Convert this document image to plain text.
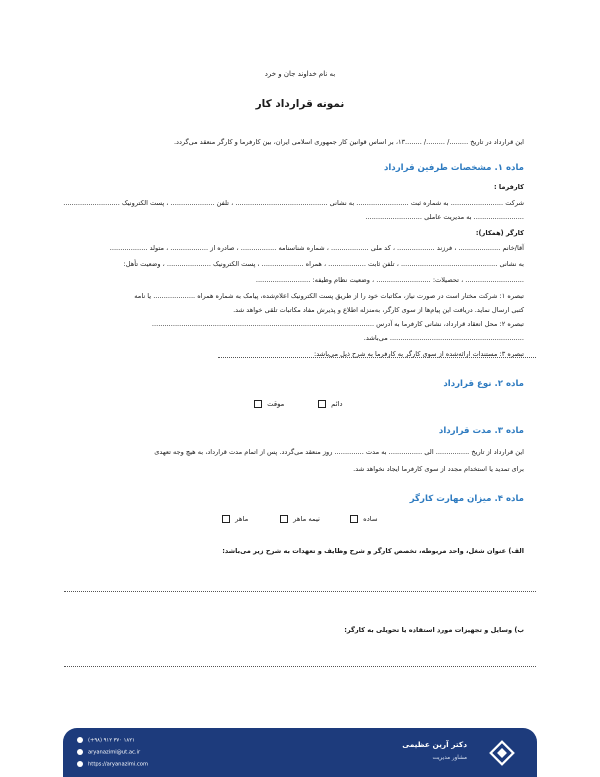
به نام خداوند جان و خرد
نمونه قرارداد کار
این قرارداد در تاریخ ........./ ........./ ........۱۳، بر اساس قوانین کار جمهوری اسلامی ایران، بین کارفرما و کارگر منعقد می‌گردد.
ماده ۱. مشخصات طرفین قرارداد
کارفرما :
شرکت ......................... به شماره ثبت ......................... به نشانی ............................................ ، تلفن ..................... ، پست الکترونیک ...........................
........................ به مدیریت عاملی ...........................
کارگر (همکار):
آقا/خانم .................... ، فرزند .................. ، کد ملی .................. ، شماره شناسنامه ................. ، صادره از .................. ، متولد ..................
به نشانی .............................................. ، تلفن ثابت .................. ، همراه .................... ، پست الکترونیک ..................... ، وضعیت تأهل:
............................ ، تحصیلات: .......................... ، وضعیت نظام وظیفه: ..........................
تبصره ۱: شرکت مختار است در صورت نیاز، مکاتبات خود را از طریق پست الکترونیک اعلام‌شده، پیامک به شماره همراه .................... یا نامه
کتبی ارسال نماید. دریافت این پیام‌ها از سوی کارگر، به‌منزله اطلاع و پذیرش مفاد مکاتبات تلقی خواهد شد.
تبصره ۲: محل انعقاد قرارداد، نشانی کارفرما به آدرس ..........................................................................................................
................................................................ می‌باشد.
تبصره ۳: مستندات ارائه‌شده از سوی کارگر به کارفرما به شرح ذیل می‌باشد:
ماده ۲. نوع قرارداد
دائم
موقت
ماده ۳. مدت قرارداد
این قرارداد از تاریخ ................ الی ................ به مدت .............. روز منعقد می‌گردد. پس از اتمام مدت قرارداد، به هیچ وجه تعهدی
برای تمدید یا استخدام مجدد از سوی کارفرما ایجاد نخواهد شد.
ماده ۴. میزان مهارت کارگر
ساده
نیمه ماهر
ماهر
الف) عنوان شغل، واحد مربوطه، تخصص کارگر و شرح وظایف و تعهدات به شرح زیر می‌باشد:
ب) وسایل و تجهیزات مورد استفاده یا تحویلی به کارگر:
دکتر آرین عظیمی
مشاور مدیریت
(+۹۸) ۹۱۲ ۳۷۰ ۱۸۲۱
aryanazimi@ut.ac.ir
https://aryanazimi.com
